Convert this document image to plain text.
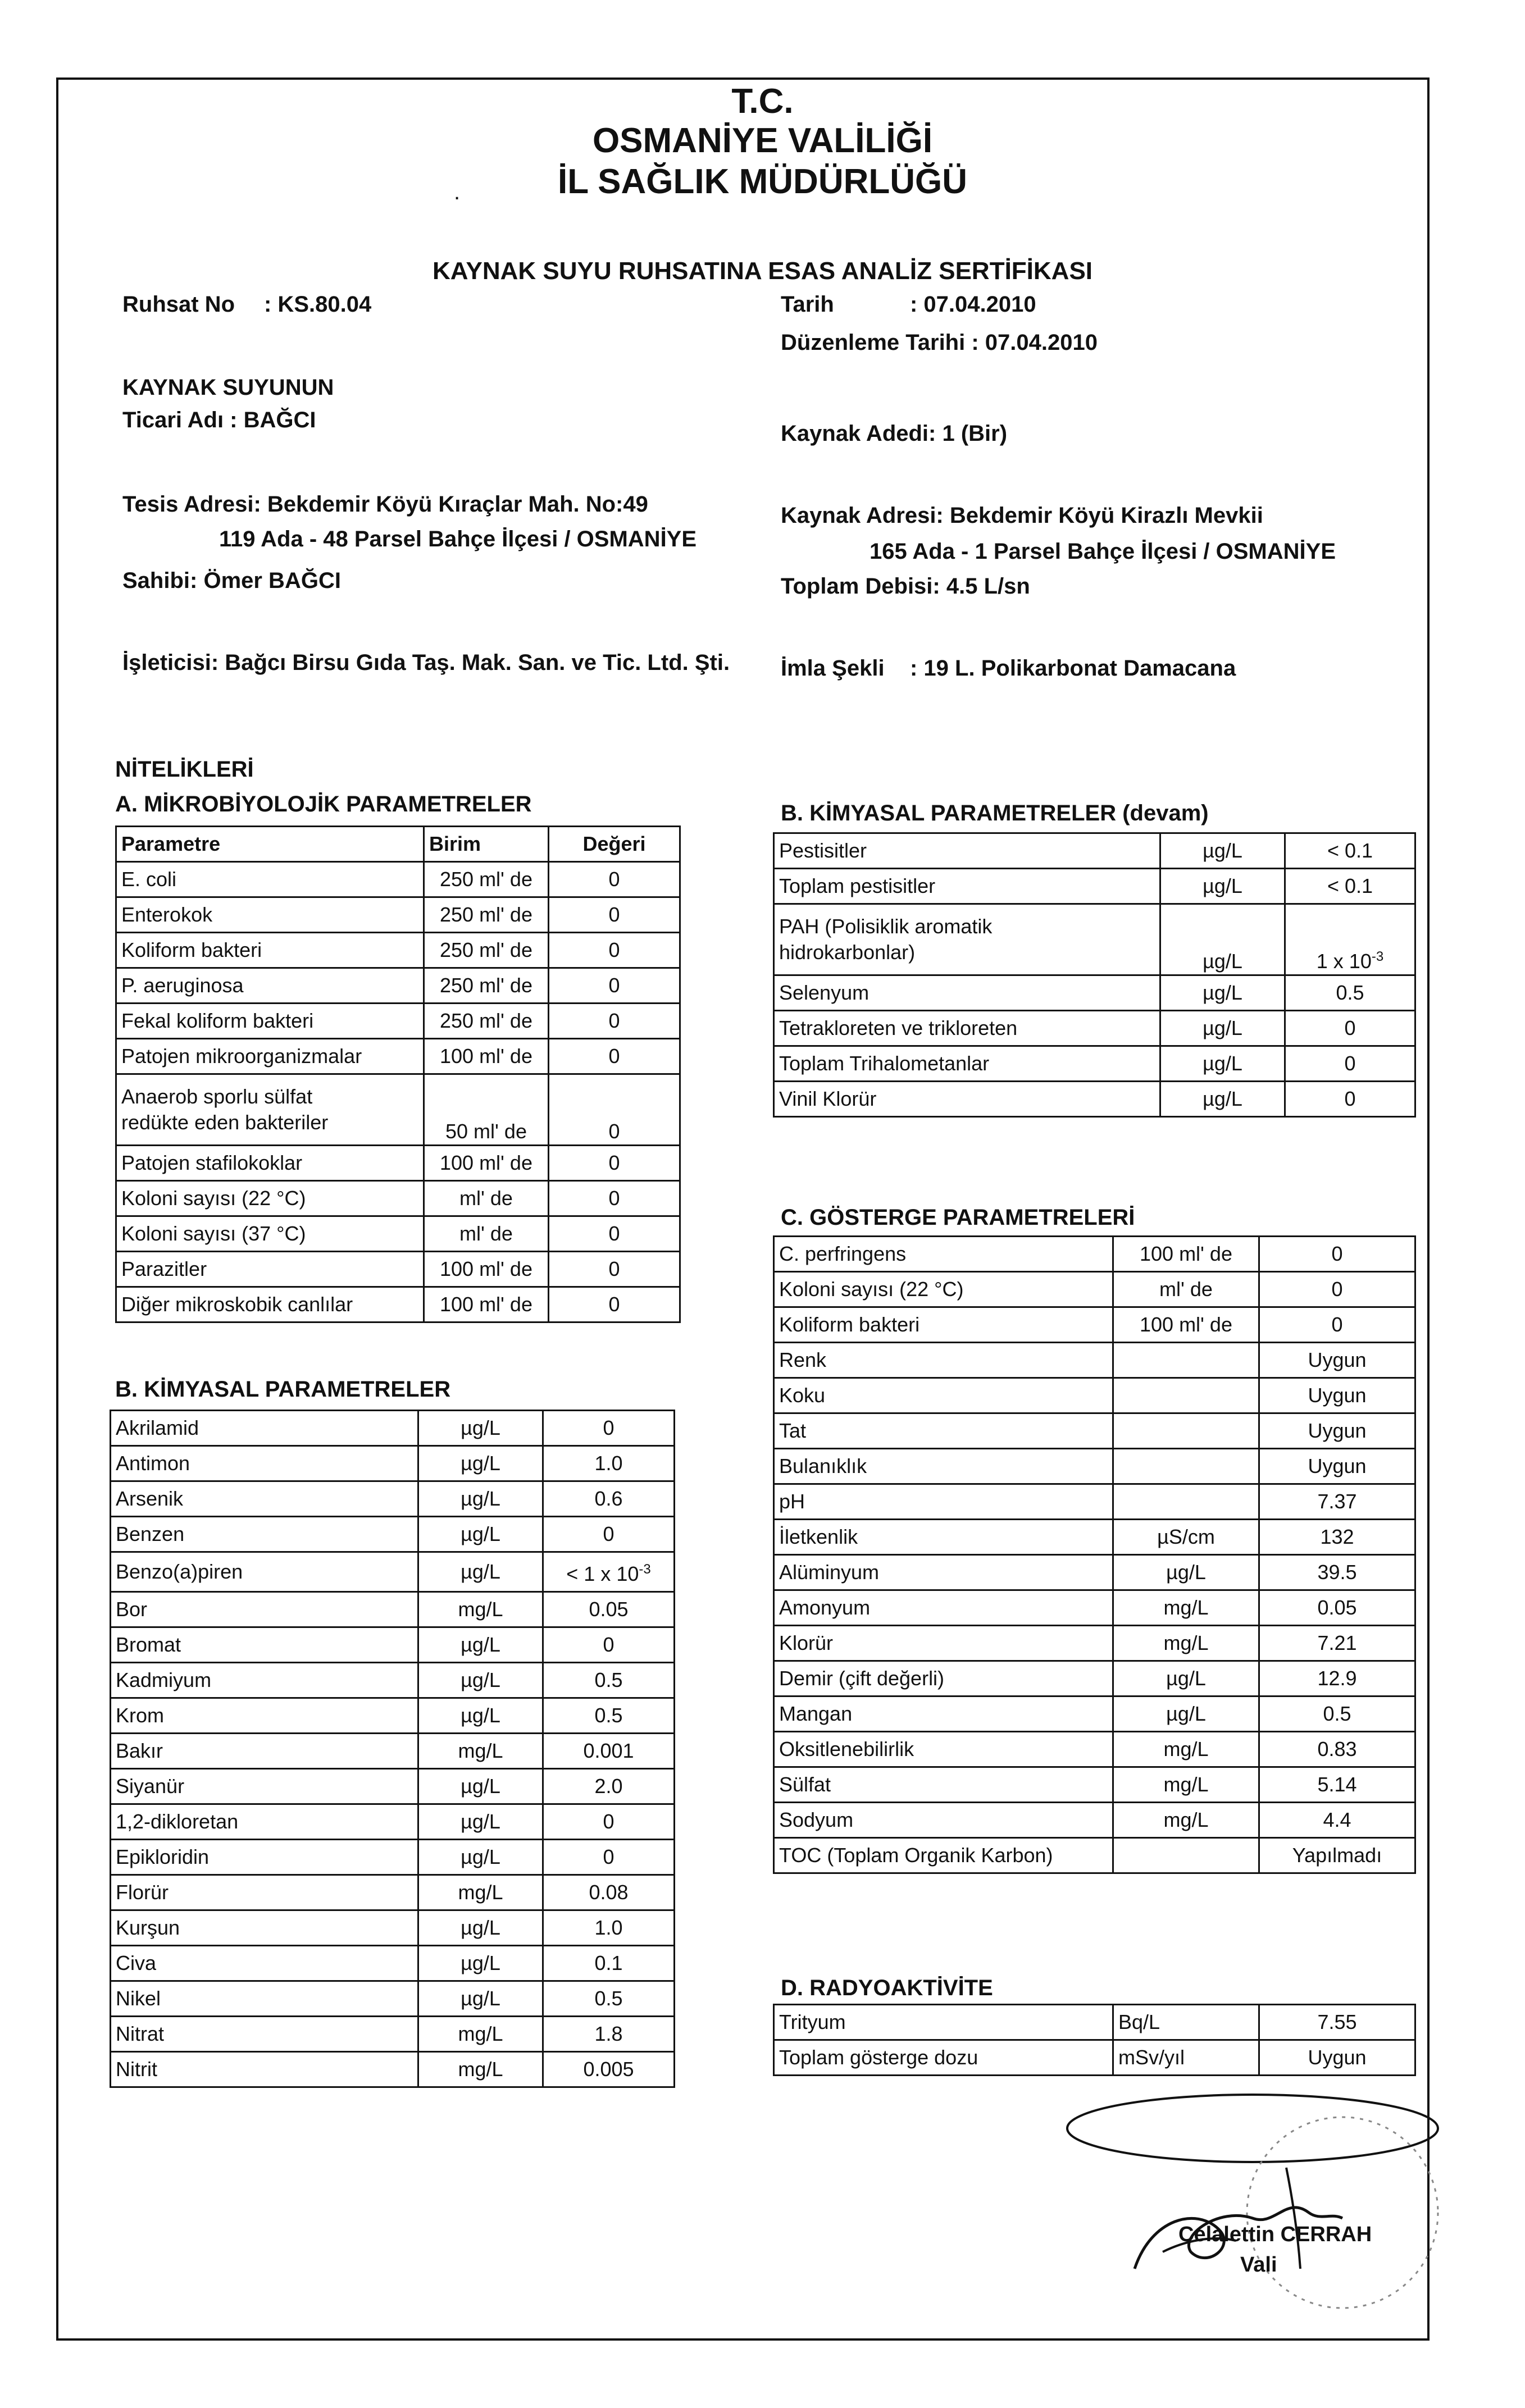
T.C.
OSMANİYE VALİLİĞİ
İL SAĞLIK MÜDÜRLÜĞÜ
.
KAYNAK SUYU RUHSATINA ESAS ANALİZ SERTİFİKASI
Ruhsat No : KS.80.04
KAYNAK SUYUNUN
Ticari Adı : BAĞCI
Tesis Adresi: Bekdemir Köyü Kıraçlar Mah. No:49
119 Ada - 48 Parsel Bahçe İlçesi / OSMANİYE
Sahibi: Ömer BAĞCI
İşleticisi: Bağcı Birsu Gıda Taş. Mak. San. ve Tic. Ltd. Şti.
Tarih	: 07.04.2010
Düzenleme Tarihi : 07.04.2010
Kaynak Adedi: 1 (Bir)
Kaynak Adresi: Bekdemir Köyü Kirazlı Mevkii
165 Ada - 1 Parsel Bahçe İlçesi / OSMANİYE
Toplam Debisi: 4.5 L/sn
İmla Şekli : 19 L. Polikarbonat Damacana
NİTELİKLERİ
A. MİKROBİYOLOJİK PARAMETRELER	B. KİMYASAL PARAMETRELER (devam)
B. KİMYASAL PARAMETRELER
C. GÖSTERGE PARAMETRELERİ
D. RADYOAKTİVİTE
Parametre	Birim	Değeri
E. coli	250 ml' de	0
Enterokok	250 ml' de	0
Koliform bakteri	250 ml' de	0
P. aeruginosa	250 ml' de	0
Fekal koliform bakteri	250 ml' de	0
Patojen mikroorganizmalar	100 ml' de	0

Anaerob sporlu sülfat
redükte eden bakteriler	50 ml' de	0
Patojen stafilokoklar	100 ml' de	0
Koloni sayısı (22 °C)	ml' de	0
Koloni sayısı (37 °C)	ml' de	0
Parazitler	100 ml' de	0
Diğer mikroskobik canlılar	100 ml' de	0
Akrilamid	µg/L	0
Antimon	µg/L	1.0
Arsenik	µg/L	0.6
Benzen	µg/L	0
Benzo(a)piren	µg/L	< 1 x $10^{-3}$
Bor	mg/L	0.05
Bromat	µg/L	0
Kadmiyum	µg/L	0.5
Krom	µg/L	0.5
Bakır	mg/L	0.001
Siyanür	µg/L	2.0
1,2-dikloretan	µg/L	0
Epikloridin	µg/L	0
Florür	mg/L	0.08
Kurşun	µg/L	1.0
Civa	µg/L	0.1
Nikel	µg/L	0.5
Nitrat	mg/L	1.8
Nitrit	mg/L	0.005
Pestisitler	µg/L	< 0.1
Toplam pestisitler	µg/L	< 0.1

PAH (Polisiklik aromatik
hidrokarbonlar)	µg/L	1 x $10^{-3}$
Selenyum	µg/L	0.5
Tetrakloreten ve trikloreten	µg/L	0
Toplam Trihalometanlar	µg/L	0
Vinil Klorür	µg/L	0
C. perfringens	100 ml' de	0
Koloni sayısı (22 °C)	ml' de	0
Koliform bakteri	100 ml' de	0
Renk		Uygun
Koku		Uygun
Tat		Uygun
Bulanıklık		Uygun
pH		7.37
İletkenlik	µS/cm	132
Alüminyum	µg/L	39.5
Amonyum	mg/L	0.05
Klorür	mg/L	7.21
Demir (çift değerli)	µg/L	12.9
Mangan	µg/L	0.5
Oksitlenebilirlik	mg/L	0.83
Sülfat	mg/L	5.14
Sodyum	mg/L	4.4
TOC (Toplam Organik Karbon)		Yapılmadı
Trityum	Bq/L	7.55
Toplam gösterge dozu	mSv/yıl	Uygun
Celalettin CERRAH
Vali
